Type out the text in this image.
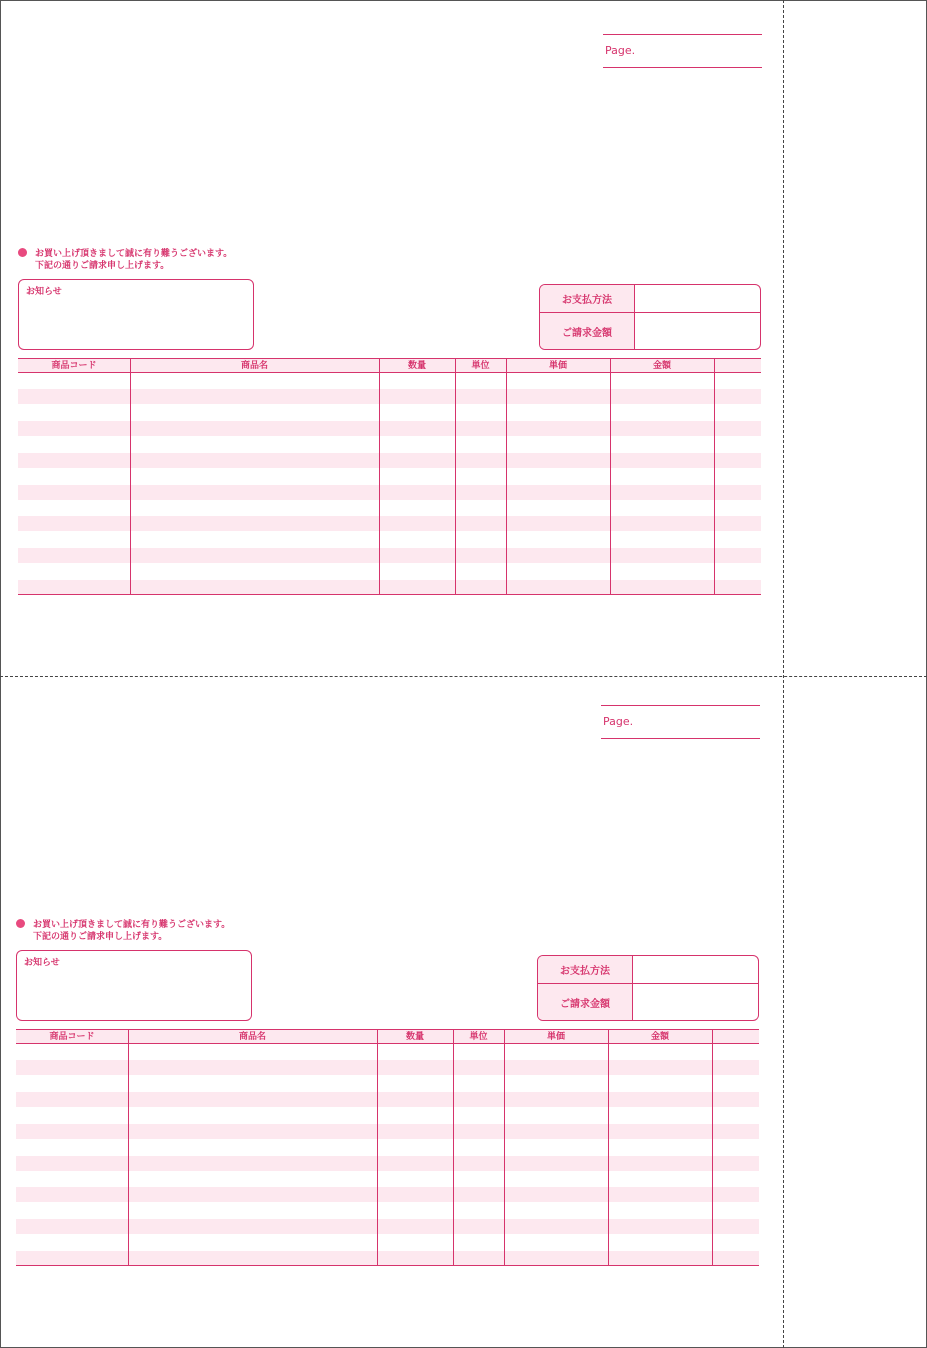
Page.
お買い上げ頂きまして誠に有り難うございます。
下記の通りご請求申し上げます。
お知らせ
お支払方法
ご請求金額
商品コード	商品名	数量	単位	単価	金額
Page.
お買い上げ頂きまして誠に有り難うございます。
下記の通りご請求申し上げます。
お知らせ
お支払方法
ご請求金額
商品コード	商品名	数量	単位	単価	金額
